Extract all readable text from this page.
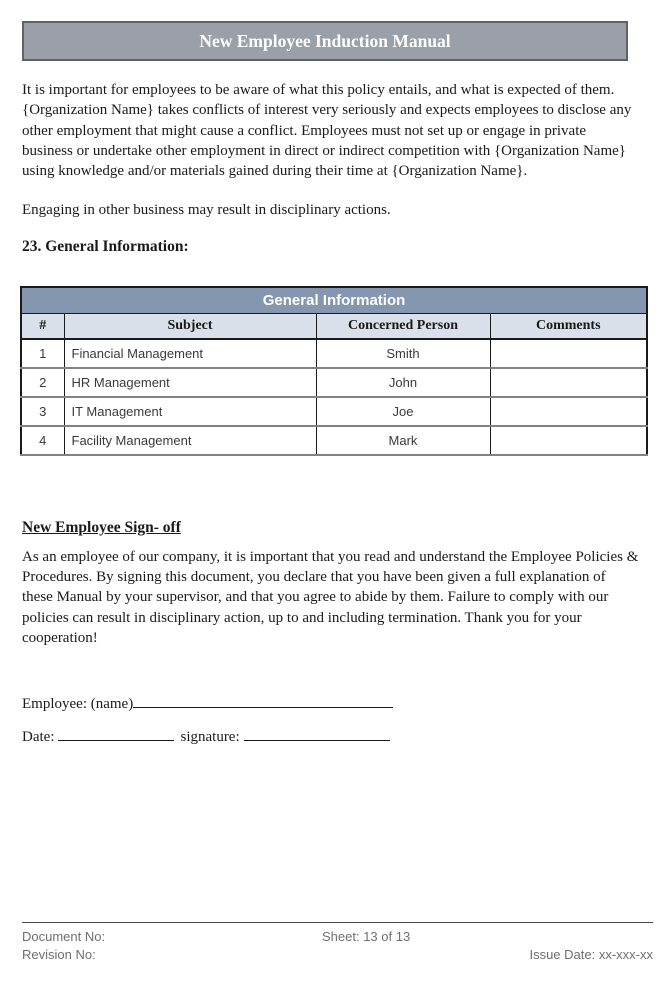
New Employee Induction Manual

It is important for employees to be aware of what this policy entails, and what is expected of them. {Organization Name} takes conflicts of interest very seriously and expects employees to disclose any other employment that might cause a conflict. Employees must not set up or engage in private business or undertake other employment in direct or indirect competition with {Organization Name} using knowledge and/or materials gained during their time at {Organization Name}.

Engaging in other business may result in disciplinary actions.

23. General Information:
General Information			
#	Subject	Concerned Person	Comments
1	Financial Management	Smith	
2	HR Management	John	
3	IT Management	Joe	
4	Facility Management	Mark	
New Employee Sign- off

As an employee of our company, it is important that you read and understand the Employee Policies & Procedures. By signing this document, you declare that you have been given a full explanation of these Manual by your supervisor, and that you agree to abide by them. Failure to comply with our policies can result in disciplinary action, up to and including termination. Thank you for your cooperation!

Employee: (name)
Date:	signature:
Document No:	Sheet: 13 of 13
Revision No:	Issue Date: xx-xxx-xx
